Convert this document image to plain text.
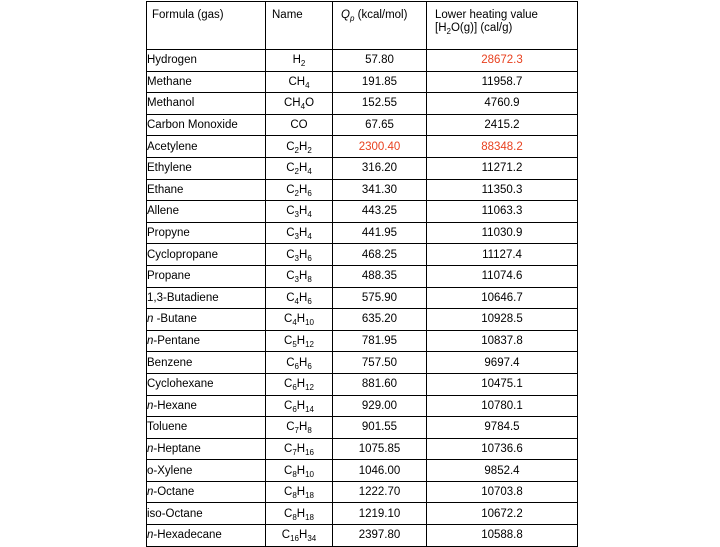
Formula (gas)	Name	$Q_p$ (kcal/mol)	Lower heating value
$[H_2O(g)]$ (cal/g)
Hydrogen	$H_2$	57.80	28672.3
Methane	$CH_4$	191.85	11958.7
Methanol	$CH_4O$	152.55	4760.9
Carbon Monoxide	CO	67.65	2415.2
Acetylene	$C_2H_2$	2300.40	88348.2
Ethylene	$C_2H_4$	316.20	11271.2
Ethane	$C_2H_6$	341.30	11350.3
Allene	$C_3H_4$	443.25	11063.3
Propyne	$C_3H_4$	441.95	11030.9
Cyclopropane	$C_3H_6$	468.25	11127.4
Propane	$C_3H_8$	488.35	11074.6
1,3-Butadiene	$C_4H_6$	575.90	10646.7
n -Butane	$C_4H_{10}$	635.20	10928.5
n-Pentane	$C_5H_{12}$	781.95	10837.8
Benzene	$C_6H_6$	757.50	9697.4
Cyclohexane	$C_6H_{12}$	881.60	10475.1
n-Hexane	$C_6H_{14}$	929.00	10780.1
Toluene	$C_7H_8$	901.55	9784.5
n-Heptane	$C_7H_{16}$	1075.85	10736.6
o-Xylene	$C_8H_{10}$	1046.00	9852.4
n-Octane	$C_8H_{18}$	1222.70	10703.8
iso-Octane	$C_8H_{18}$	1219.10	10672.2
n-Hexadecane	$C_{16}H_{34}$	2397.80	10588.8
